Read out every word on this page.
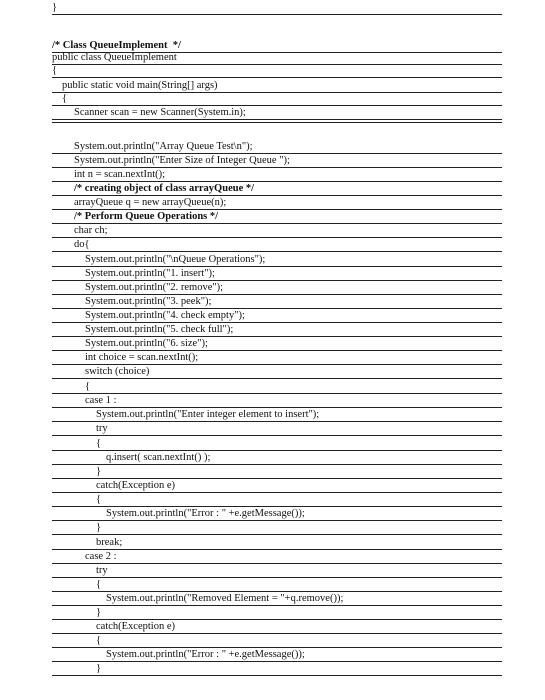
}
/* Class QueueImplement  */
public class QueueImplement
{
public static void main(String[] args)
{
Scanner scan = new Scanner(System.in);
System.out.println("Array Queue Test\n");
System.out.println("Enter Size of Integer Queue ");
int n = scan.nextInt();
/* creating object of class arrayQueue */
arrayQueue q = new arrayQueue(n);
/* Perform Queue Operations */
char ch;
do{
System.out.println("\nQueue Operations");
System.out.println("1. insert");
System.out.println("2. remove");
System.out.println("3. peek");
System.out.println("4. check empty");
System.out.println("5. check full");
System.out.println("6. size");
int choice = scan.nextInt();
switch (choice)
{
case 1 :
System.out.println("Enter integer element to insert");
try
{
q.insert( scan.nextInt() );
}
catch(Exception e)
{
System.out.println("Error : " +e.getMessage());
}
break;
case 2 :
try
{
System.out.println("Removed Element = "+q.remove());
}
catch(Exception e)
{
System.out.println("Error : " +e.getMessage());
}
